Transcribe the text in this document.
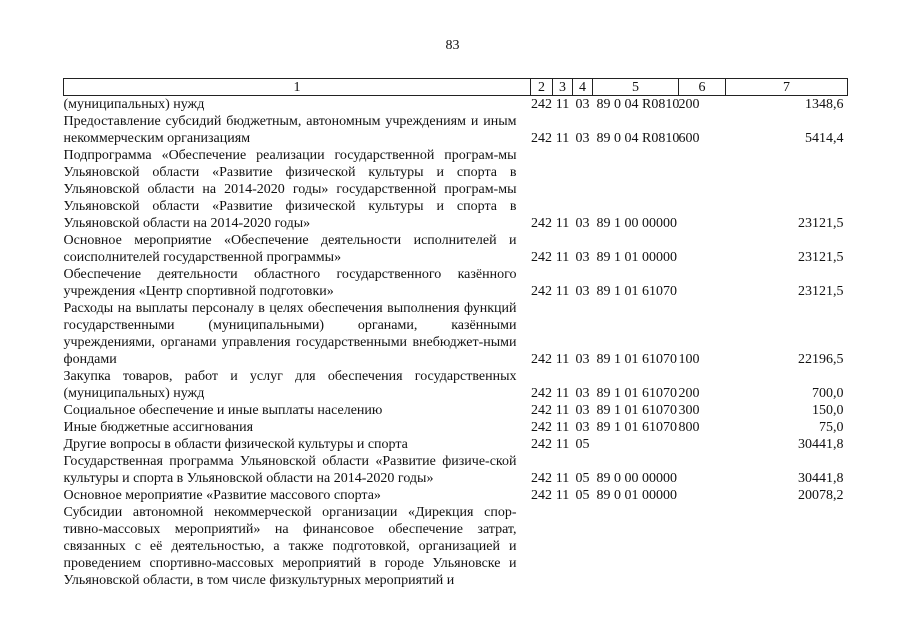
83
1	2	3	4	5	6	7
(муниципальных) нужд	242	11	03	89 0 04 R0810	200	1348,6
Предоставление субсидий бюджетным, автономным учреждениям и иным некоммерческим организациям	242	11	03	89 0 04 R0810	600	5414,4
Подпрограмма «Обеспечение реализации государственной програм-мы Ульяновской области «Развитие физической культуры и спорта в Ульяновской области на 2014-2020 годы» государственной програм-мы Ульяновской области «Развитие физической культуры и спорта в Ульяновской области на 2014-2020 годы»	242	11	03	89 1 00 00000		23121,5
Основное мероприятие «Обеспечение деятельности исполнителей и соисполнителей государственной программы»	242	11	03	89 1 01 00000		23121,5
Обеспечение деятельности областного государственного казённого учреждения «Центр спортивной подготовки»	242	11	03	89 1 01 61070		23121,5
Расходы на выплаты персоналу в целях обеспечения выполнения функций государственными (муниципальными) органами, казёнными учреждениями, органами управления государственными внебюджет-ными фондами	242	11	03	89 1 01 61070	100	22196,5
Закупка товаров, работ и услуг для обеспечения государственных (муниципальных) нужд	242	11	03	89 1 01 61070	200	700,0
Социальное обеспечение и иные выплаты населению	242	11	03	89 1 01 61070	300	150,0
Иные бюджетные ассигнования	242	11	03	89 1 01 61070	800	75,0
Другие вопросы в области физической культуры и спорта	242	11	05			30441,8
Государственная программа Ульяновской области «Развитие физиче-ской культуры и спорта в Ульяновской области на 2014-2020 годы»	242	11	05	89 0 00 00000		30441,8
Основное мероприятие «Развитие массового спорта»	242	11	05	89 0 01 00000		20078,2
Субсидии автономной некоммерческой организации «Дирекция спор-тивно-массовых мероприятий» на финансовое обеспечение затрат, связанных с её деятельностью, а также подготовкой, организацией и проведением спортивно-массовых мероприятий в городе Ульяновске и Ульяновской области, в том числе физкультурных мероприятий и						
